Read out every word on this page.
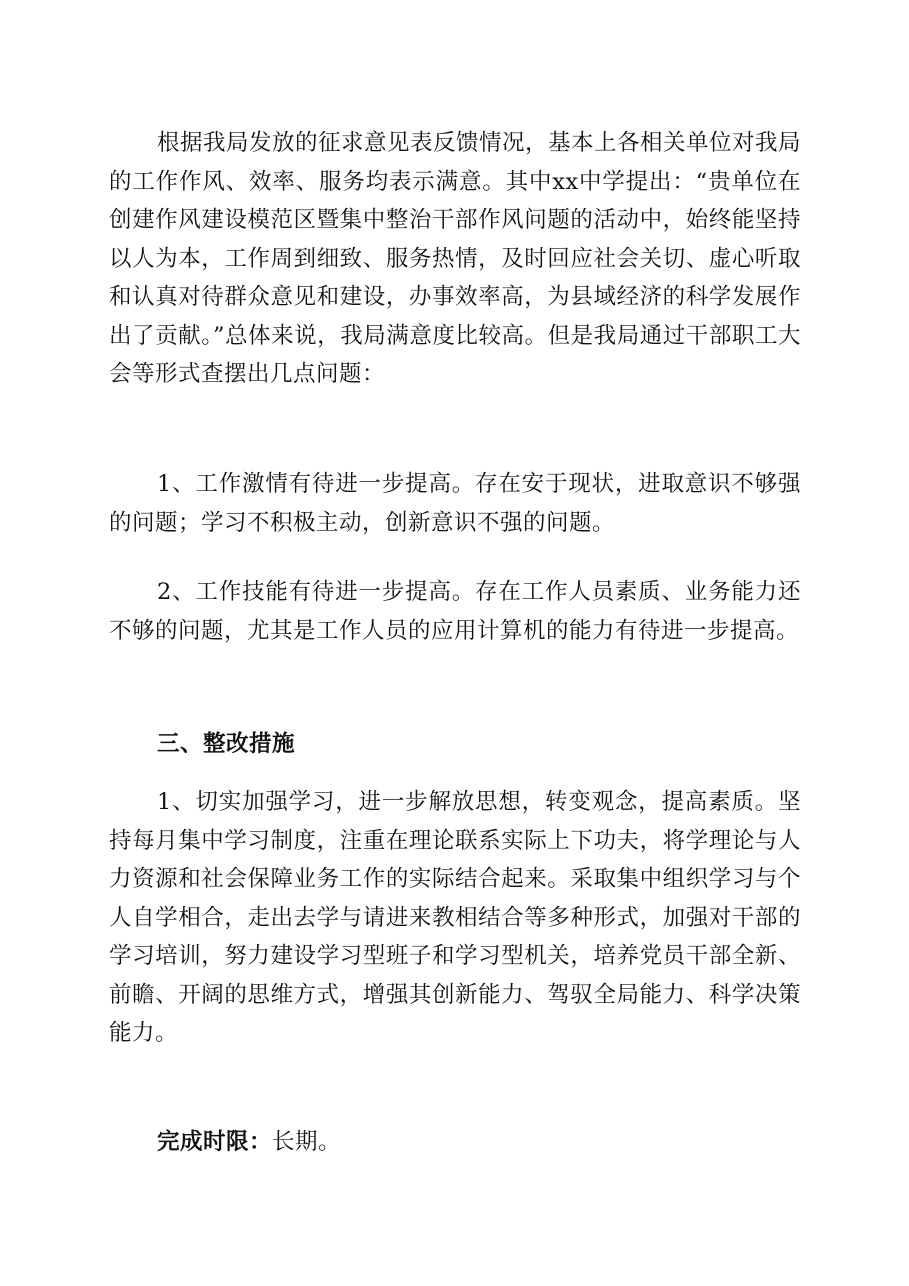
根据我局发放的征求意见表反馈情况，基本上各相关单位对我局的工作作风、效率、服务均表示满意。其中xx中学提出：“贵单位在创建作风建设模范区暨集中整治干部作风问题的活动中，始终能坚持以人为本，工作周到细致、服务热情，及时回应社会关切、虚心听取和认真对待群众意见和建设，办事效率高，为县域经济的科学发展作出了贡献。”总体来说，我局满意度比较高。但是我局通过干部职工大会等形式查摆出几点问题：

1、工作激情有待进一步提高。存在安于现状，进取意识不够强的问题；学习不积极主动，创新意识不强的问题。

2、工作技能有待进一步提高。存在工作人员素质、业务能力还不够的问题，尤其是工作人员的应用计算机的能力有待进一步提高。

三、整改措施

1、切实加强学习，进一步解放思想，转变观念，提高素质。坚持每月集中学习制度，注重在理论联系实际上下功夫，将学理论与人力资源和社会保障业务工作的实际结合起来。采取集中组织学习与个人自学相合，走出去学与请进来教相结合等多种形式，加强对干部的学习培训，努力建设学习型班子和学习型机关，培养党员干部全新、前瞻、开阔的思维方式，增强其创新能力、驾驭全局能力、科学决策能力。

完成时限：长期。
